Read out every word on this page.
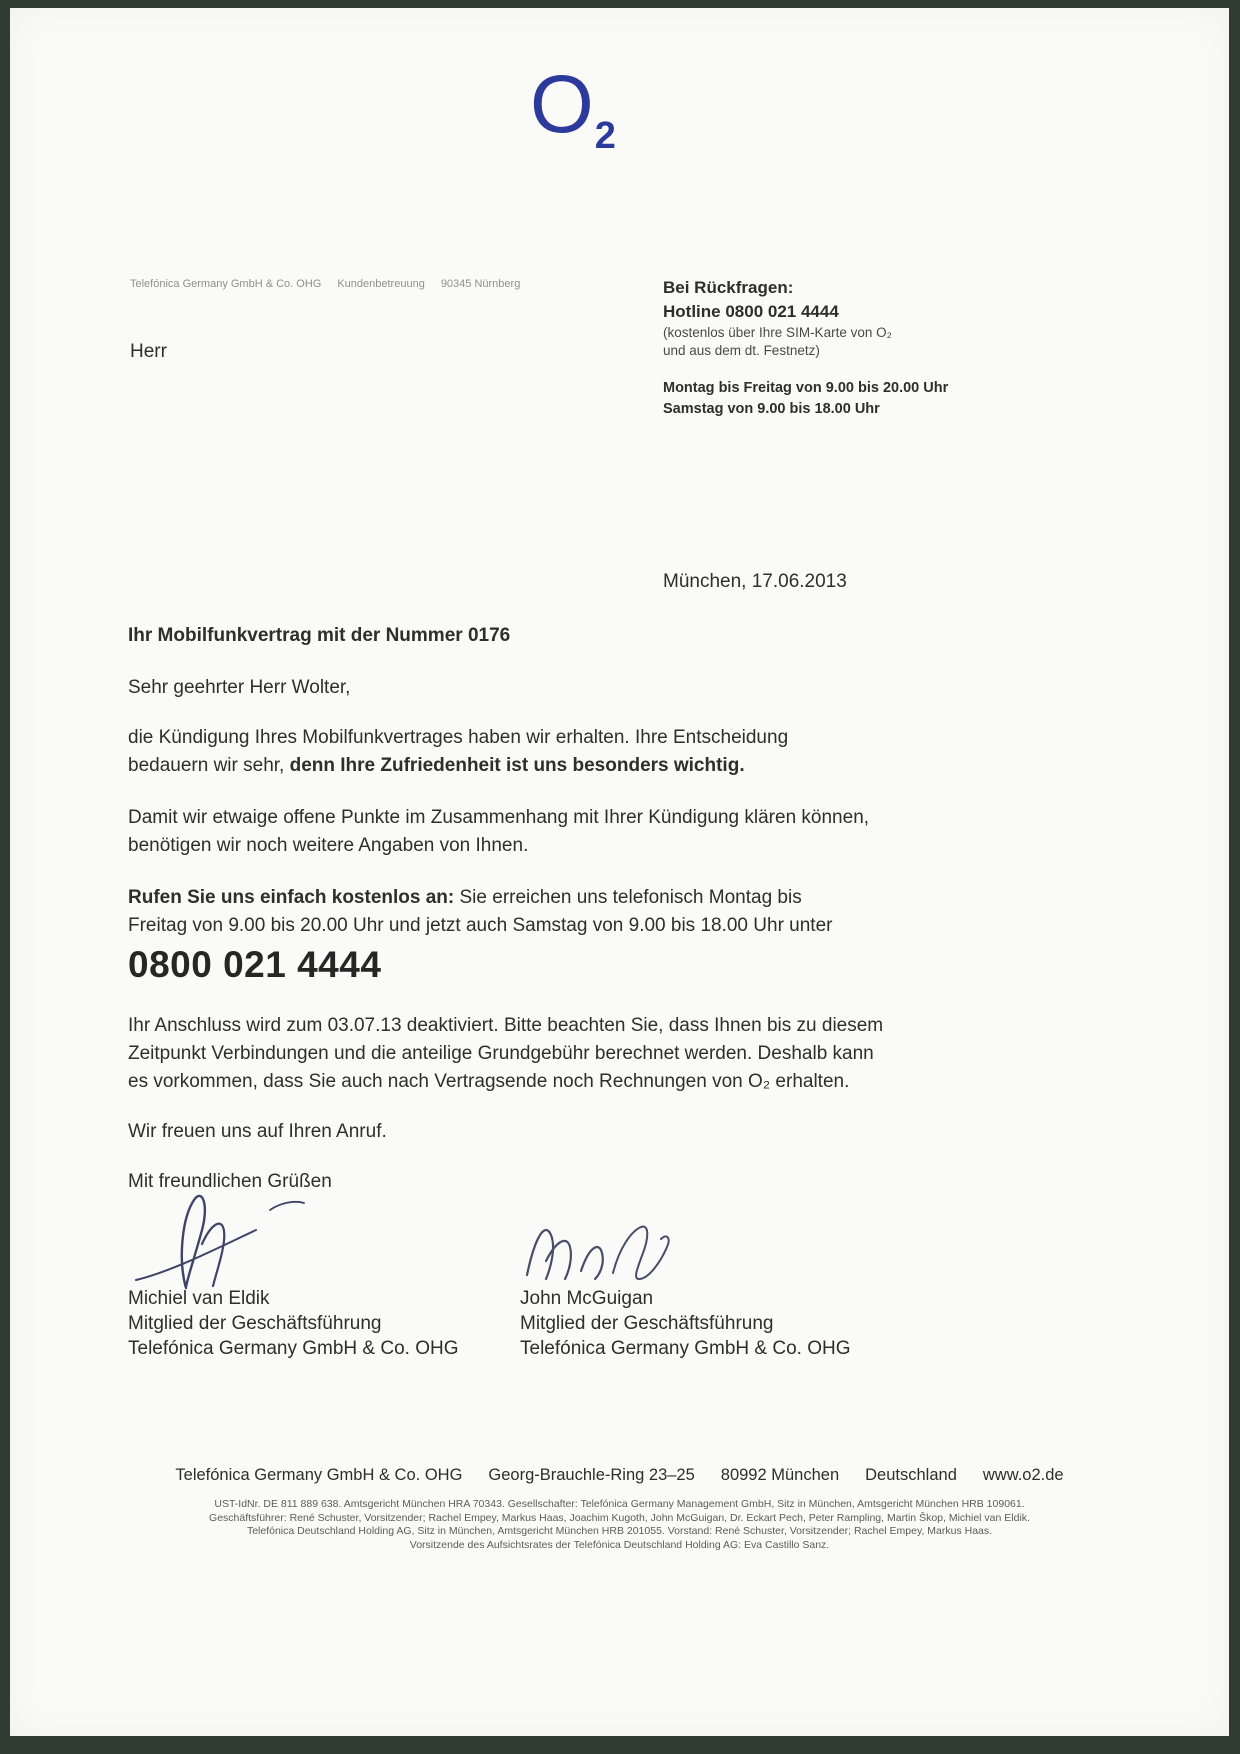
O2
Telefónica Germany GmbH & Co. OHG Kundenbetreuung 90345 Nürnberg
Herr
Bei Rückfragen:
Hotline 0800 021 4444
(kostenlos über Ihre SIM-Karte von O₂
und aus dem dt. Festnetz)
Montag bis Freitag von 9.00 bis 20.00 Uhr
Samstag von 9.00 bis 18.00 Uhr
München, 17.06.2013
Ihr Mobilfunkvertrag mit der Nummer 0176
Sehr geehrter Herr Wolter,

die Kündigung Ihres Mobilfunkvertrages haben wir erhalten. Ihre Entscheidung bedauern wir sehr, denn Ihre Zufriedenheit ist uns besonders wichtig.

Damit wir etwaige offene Punkte im Zusammenhang mit Ihrer Kündigung klären können, benötigen wir noch weitere Angaben von Ihnen.

Rufen Sie uns einfach kostenlos an: Sie erreichen uns telefonisch Montag bis Freitag von 9.00 bis 20.00 Uhr und jetzt auch Samstag von 9.00 bis 18.00 Uhr unter

0800 021 4444

Ihr Anschluss wird zum 03.07.13 deaktiviert. Bitte beachten Sie, dass Ihnen bis zu diesem Zeitpunkt Verbindungen und die anteilige Grundgebühr berechnet werden. Deshalb kann es vorkommen, dass Sie auch nach Vertragsende noch Rechnungen von O₂ erhalten.

Wir freuen uns auf Ihren Anruf.
Mit freundlichen Grüßen
Michiel van Eldik
Mitglied der Geschäftsführung
Telefónica Germany GmbH & Co. OHG
John McGuigan
Mitglied der Geschäftsführung
Telefónica Germany GmbH & Co. OHG
Telefónica Germany GmbH & Co. OHG Georg-Brauchle-Ring 23–25 80992 München Deutschland www.o2.de
UST-IdNr. DE 811 889 638. Amtsgericht München HRA 70343. Gesellschafter: Telefónica Germany Management GmbH, Sitz in München, Amtsgericht München HRB 109061.
Geschäftsführer: René Schuster, Vorsitzender; Rachel Empey, Markus Haas, Joachim Kugoth, John McGuigan, Dr. Eckart Pech, Peter Rampling, Martin Škop, Michiel van Eldik.
Telefónica Deutschland Holding AG, Sitz in München, Amtsgericht München HRB 201055. Vorstand: René Schuster, Vorsitzender; Rachel Empey, Markus Haas.
Vorsitzende des Aufsichtsrates der Telefónica Deutschland Holding AG: Eva Castillo Sanz.
